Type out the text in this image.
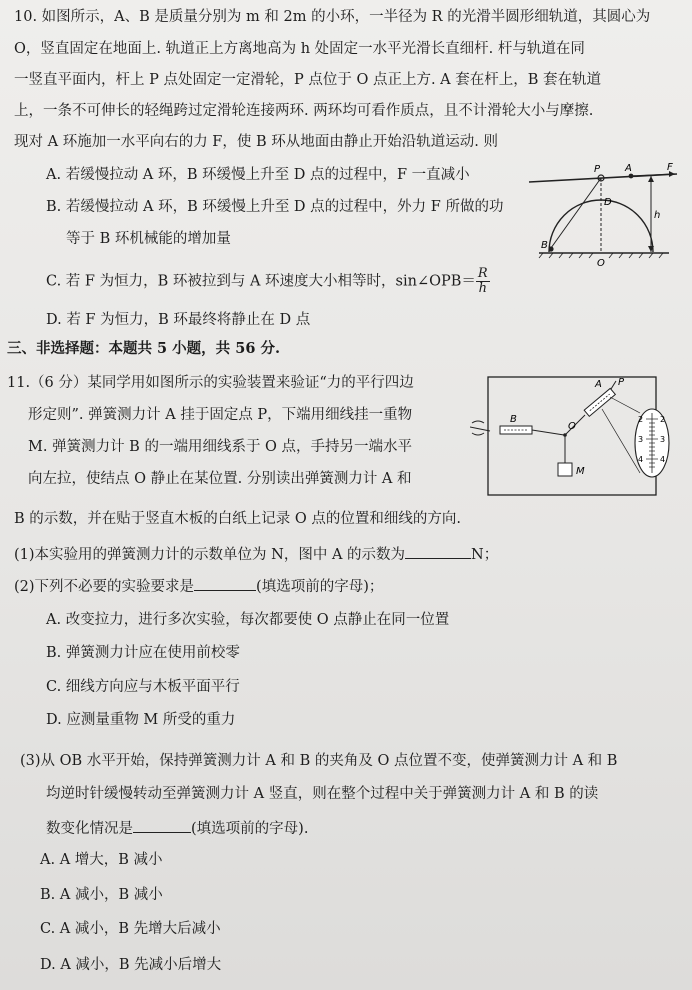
10. 如图所示，A、B 是质量分别为 m 和 2m 的小环，一半径为 R 的光滑半圆形细轨道，其圆心为
O，竖直固定在地面上. 轨道正上方离地高为 h 处固定一水平光滑长直细杆. 杆与轨道在同
一竖直平面内，杆上 P 点处固定一定滑轮，P 点位于 O 点正上方. A 套在杆上，B 套在轨道
上，一条不可伸长的轻绳跨过定滑轮连接两环. 两环均可看作质点，且不计滑轮大小与摩擦.
现对 A 环施加一水平向右的力 F，使 B 环从地面由静止开始沿轨道运动. 则
A. 若缓慢拉动 A 环，B 环缓慢上升至 D 点的过程中，F 一直减小
B. 若缓慢拉动 A 环，B 环缓慢上升至 D 点的过程中，外力 F 所做的功
等于 B 环机械能的增加量
C. 若 F 为恒力，B 环被拉到与 A 环速度大小相等时，sin∠OPB＝ $\frac{R}{h}$
D. 若 F 为恒力，B 环最终将静止在 D 点
P A	F
D
h
B
O
三、非选择题：本题共 5 小题，共 56 分.
11.（6 分）某同学用如图所示的实验装置来验证“力的平行四边
形定则”. 弹簧测力计 A 挂于固定点 P，下端用细线挂一重物
M. 弹簧测力计 B 的一端用细线系于 O 点，手持另一端水平
向左拉，使结点 O 静止在某位置. 分别读出弹簧测力计 A 和
B 的示数，并在贴于竖直木板的白纸上记录 O 点的位置和细线的方向.
(1)本实验用的弹簧测力计的示数单位为 N，图中 A 的示数为	N；
(2)下列不必要的实验要求是	(填选项前的字母)；
A. 改变拉力，进行多次实验，每次都要使 O 点静止在同一位置
B. 弹簧测力计应在使用前校零
C. 细线方向应与木板平面平行
D. 应测量重物 M 所受的重力
(3)从 OB 水平开始，保持弹簧测力计 A 和 B 的夹角及 O 点位置不变，使弹簧测力计 A 和 B
均逆时针缓慢转动至弹簧测力计 A 竖直，则在整个过程中关于弹簧测力计 A 和 B 的读
数变化情况是	(填选项前的字母).
A. A 增大，B 减小
B. A 减小，B 减小
C. A 减小，B 先增大后减小
D. A 减小，B 先减小后增大
2 2
3 3
4 4
A P
B
O
M
